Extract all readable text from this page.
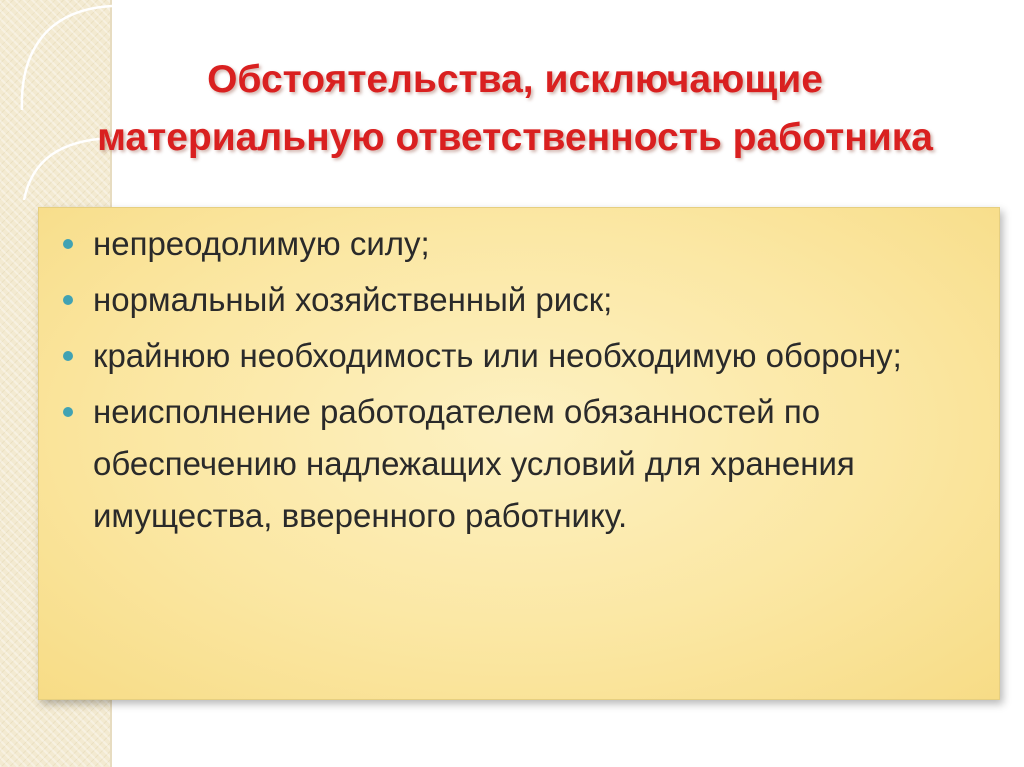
Обстоятельства, исключающие
материальную ответственность работника
непреодолимую силу;
нормальный хозяйственный риск;
крайнюю необходимость или необходимую оборону;
неисполнение работодателем обязанностей по обеспечению надлежащих условий для хранения имущества, вверенного работнику.
